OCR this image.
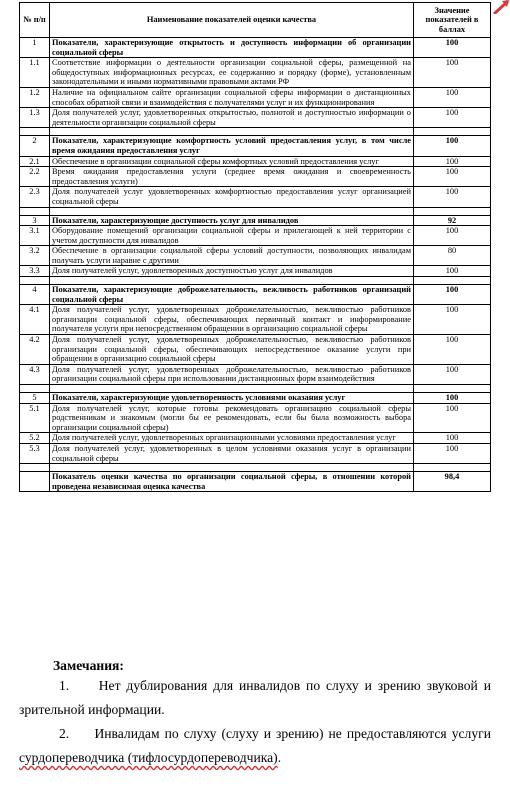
№ п/п	Наименование показателей оценки качества	Значение показателей в баллах
1	Показатели, характеризующие открытость и доступность информации об организации социальной сферы	100
1.1	Соответствие информации о деятельности организации социальной сферы, размещенной на общедоступных информационных ресурсах, ее содержанию и порядку (форме), установленным законодательными и иными нормативными правовыми актами РФ	100
1.2	Наличие на официальном сайте организации социальной сферы информации о дистанционных способах обратной связи и взаимодействия с получателями услуг и их функционирования	100
1.3	Доля получателей услуг, удовлетворенных открытостью, полнотой и доступностью информации о деятельности организации социальной сферы	100

2	Показатели, характеризующие комфортность условий предоставления услуг, в том числе время ожидания предоставления услуг	100
2.1	Обеспечение в организации социальной сферы комфортных условий предоставления услуг	100
2.2	Время ожидания предоставления услуги (среднее время ожидания и своевременность предоставления услуги)	100
2.3	Доля получателей услуг удовлетворенных комфортностью предоставления услуг организацией социальной сферы	100

3	Показатели, характеризующие доступность услуг для инвалидов	92
3.1	Оборудование помещений организации социальной сферы и прилегающей к ней территории с учетом доступности для инвалидов	100
3.2	Обеспечение в организации социальной сферы условий доступности, позволяющих инвалидам получать услуги наравне с другими	80
3.3	Доля получателей услуг, удовлетворенных доступностью услуг для инвалидов	100

4	Показатели, характеризующие доброжелательность, вежливость работников организаций социальной сферы	100
4.1	Доля получателей услуг, удовлетворенных доброжелательностью, вежливостью работников организации социальной сферы, обеспечивающих первичный контакт и информирование получателя услуги при непосредственном обращении в организацию социальной сферы	100
4.2	Доля получателей услуг, удовлетворенных доброжелательностью, вежливостью работников организации социальной сферы, обеспечивающих непосредственное оказание услуги при обращении в организацию социальной сферы	100
4.3	Доля получателей услуг, удовлетворенных доброжелательностью, вежливостью работников организации социальной сферы при использовании дистанционных форм взаимодействия	100

5	Показатели, характеризующие удовлетворенность условиями оказания услуг	100
5.1	Доля получателей услуг, которые готовы рекомендовать организацию социальной сферы родственникам и знакомым (могли бы ее рекомендовать, если бы была возможность выбора организации социальной сферы)	100
5.2	Доля получателей услуг, удовлетворенных организационными условиями предоставления услуг	100
5.3	Доля получателей услуг, удовлетворенных в целом условиями оказания услуг в организации социальной сферы	100

	Показатель оценки качества по организации социальной сферы, в отношении которой проведена независимая оценка качества	98,4
Замечания:

1. Нет дублирования для инвалидов по слуху и зрению звуковой и зрительной информации.

2. Инвалидам по слуху (слуху и зрению) не предоставляются услуги сурдопереводчика (тифлосурдопереводчика).
